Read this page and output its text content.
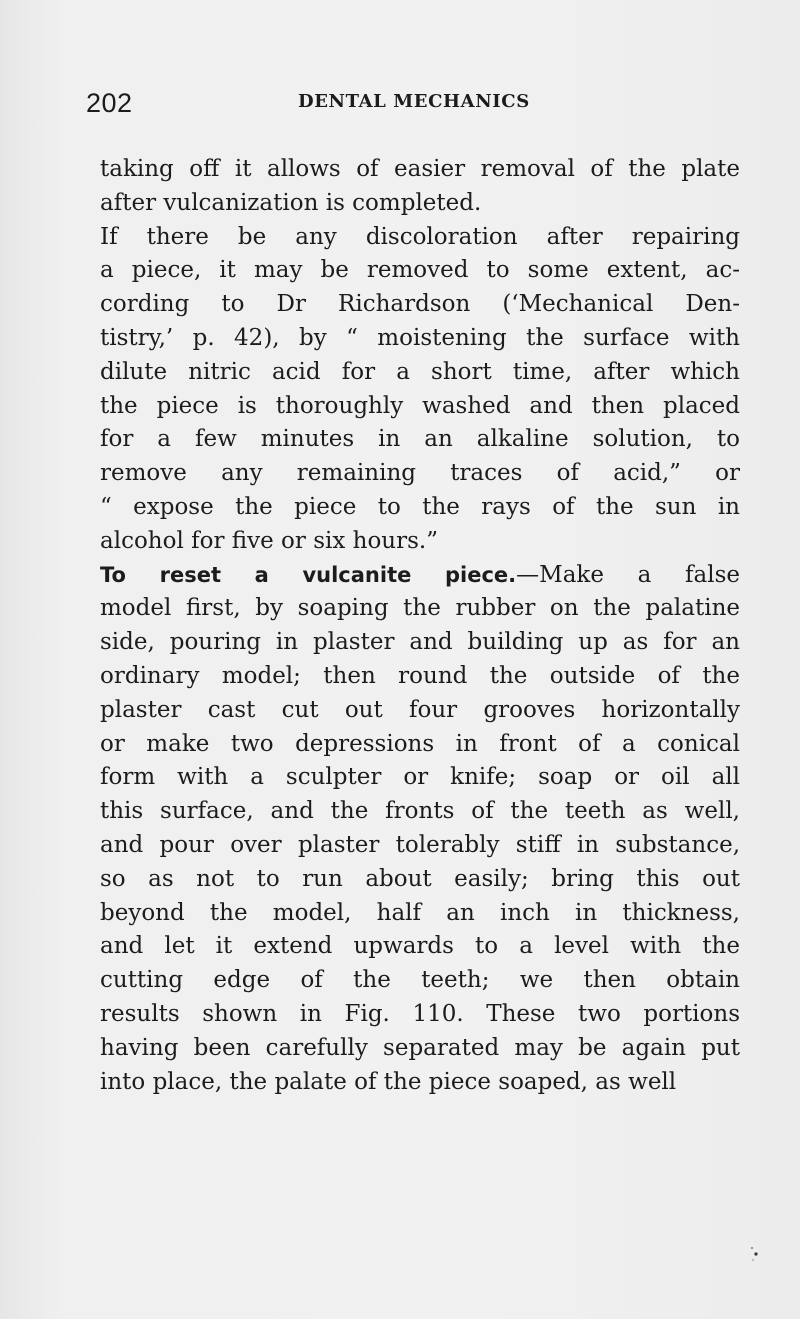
202	DENTAL MECHANICS
taking off it allows of easier removal of the plate
after vulcanization is completed.
If there be any discoloration after repairing
a piece, it may be removed to some extent, ac-
cording to Dr Richardson (‘Mechanical Den-
tistry,’ p. 42), by “ moistening the surface with
dilute nitric acid for a short time, after which
the piece is thoroughly washed and then placed
for a few minutes in an alkaline solution, to
remove any remaining traces of acid,” or
“ expose the piece to the rays of the sun in
alcohol for five or six hours.”
To reset a vulcanite piece.—Make a false
model first, by soaping the rubber on the palatine
side, pouring in plaster and building up as for an
ordinary model; then round the outside of the
plaster cast cut out four grooves horizontally
or make two depressions in front of a conical
form with a sculpter or knife; soap or oil all
this surface, and the fronts of the teeth as well,
and pour over plaster tolerably stiff in substance,
so as not to run about easily; bring this out
beyond the model, half an inch in thickness,
and let it extend upwards to a level with the
cutting edge of the teeth; we then obtain
results shown in Fig. 110. These two portions
having been carefully separated may be again put
into place, the palate of the piece soaped, as well
